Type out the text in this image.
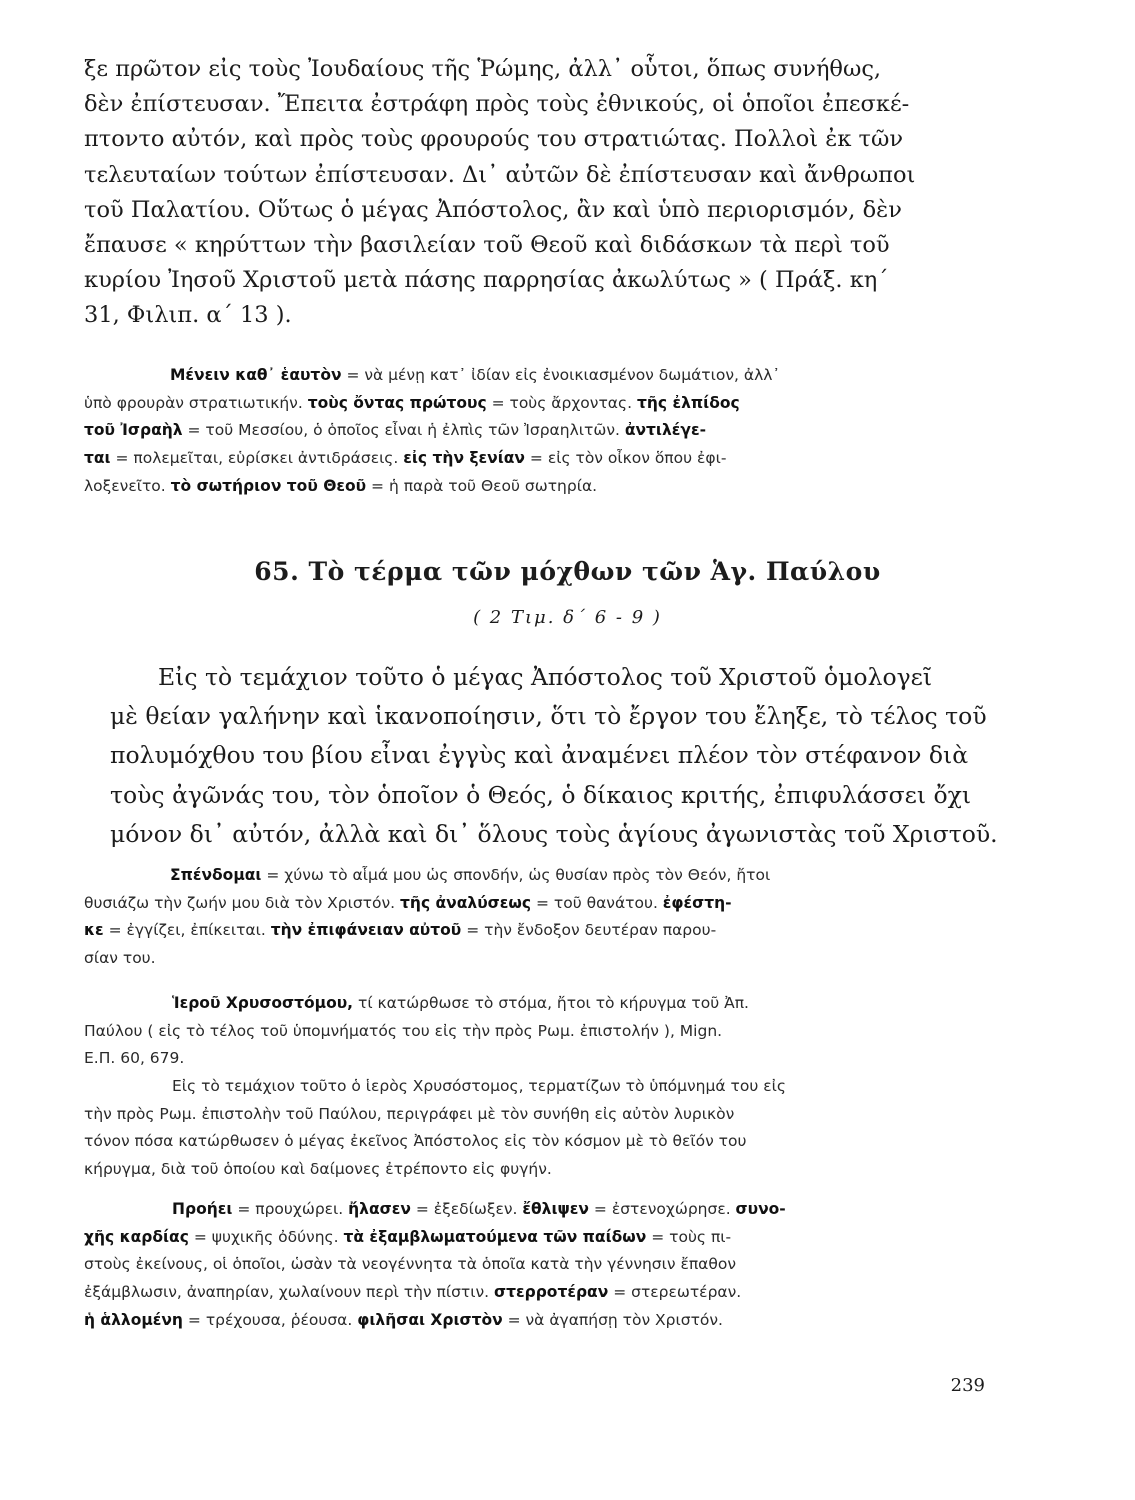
ξε πρῶτον εἰς τοὺς Ἰουδαίους τῆς Ῥώμης, ἀλλ᾽ οὗτοι, ὅπως συνήθως,
δὲν ἐπίστευσαν. Ἔπειτα ἐστράφη πρὸς τοὺς ἐθνικούς, οἱ ὁποῖοι ἐπεσκέ-
πτοντο αὐτόν, καὶ πρὸς τοὺς φρουρούς του στρατιώτας. Πολλοὶ ἐκ τῶν
τελευταίων τούτων ἐπίστευσαν. Δι᾽ αὐτῶν δὲ ἐπίστευσαν καὶ ἄνθρωποι
τοῦ Παλατίου. Οὕτως ὁ μέγας Ἀπόστολος, ἂν καὶ ὑπὸ περιορισμόν, δὲν
ἔπαυσε « κηρύττων τὴν βασιλείαν τοῦ Θεοῦ καὶ διδάσκων τὰ περὶ τοῦ
κυρίου Ἰησοῦ Χριστοῦ μετὰ πάσης παρρησίας ἀκωλύτως » ( Πράξ. κη΄
31, Φιλιπ. α΄ 13 ).
Μένειν καθ᾽ ἑαυτὸν = νὰ μένῃ κατ᾽ ἰδίαν εἰς ἐνοικιασμένον δωμάτιον, ἀλλ᾽
ὑπὸ φρουρὰν στρατιωτικήν. τοὺς ὄντας πρώτους = τοὺς ἄρχοντας. τῆς ἐλπίδος
τοῦ Ἰσραὴλ = τοῦ Μεσσίου, ὁ ὁποῖος εἶναι ἡ ἐλπὶς τῶν Ἰσραηλιτῶν. ἀντιλέγε-
ται = πολεμεῖται, εὑρίσκει ἀντιδράσεις. εἰς τὴν ξενίαν = εἰς τὸν οἶκον ὅπου ἐφι-
λοξενεῖτο. τὸ σωτήριον τοῦ Θεοῦ = ἡ παρὰ τοῦ Θεοῦ σωτηρία.
65. Τὸ τέρμα τῶν μόχθων τῶν Ἁγ. Παύλου
( 2 Τιμ. δ΄ 6 - 9 )
Εἰς τὸ τεμάχιον τοῦτο ὁ μέγας Ἀπόστολος τοῦ Χριστοῦ ὁμολογεῖ
μὲ θείαν γαλήνην καὶ ἱκανοποίησιν, ὅτι τὸ ἔργον του ἔληξε, τὸ τέλος τοῦ
πολυμόχθου του βίου εἶναι ἐγγὺς καὶ ἀναμένει πλέον τὸν στέφανον διὰ
τοὺς ἀγῶνάς του, τὸν ὁποῖον ὁ Θεός, ὁ δίκαιος κριτής, ἐπιφυλάσσει ὄχι
μόνον δι᾽ αὐτόν, ἀλλὰ καὶ δι᾽ ὅλους τοὺς ἁγίους ἀγωνιστὰς τοῦ Χριστοῦ.
Σπένδομαι = χύνω τὸ αἷμά μου ὡς σπονδήν, ὡς θυσίαν πρὸς τὸν Θεόν, ἤτοι
θυσιάζω τὴν ζωήν μου διὰ τὸν Χριστόν. τῆς ἀναλύσεως = τοῦ θανάτου. ἐφέστη-
κε = ἐγγίζει, ἐπίκειται. τὴν ἐπιφάνειαν αὐτοῦ = τὴν ἔνδοξον δευτέραν παρου-
σίαν του.
Ἱεροῦ Χρυσοστόμου, τί κατώρθωσε τὸ στόμα, ἤτοι τὸ κήρυγμα τοῦ Ἀπ.
Παύλου ( εἰς τὸ τέλος τοῦ ὑπομνήματός του εἰς τὴν πρὸς Ρωμ. ἐπιστολήν ), Mign.
Ε.Π. 60, 679.
Εἰς τὸ τεμάχιον τοῦτο ὁ ἱερὸς Χρυσόστομος, τερματίζων τὸ ὑπόμνημά του εἰς
τὴν πρὸς Ρωμ. ἐπιστολὴν τοῦ Παύλου, περιγράφει μὲ τὸν συνήθη εἰς αὐτὸν λυρικὸν
τόνον πόσα κατώρθωσεν ὁ μέγας ἐκεῖνος Ἀπόστολος εἰς τὸν κόσμον μὲ τὸ θεῖόν του
κήρυγμα, διὰ τοῦ ὁποίου καὶ δαίμονες ἐτρέποντο εἰς φυγήν.
Προήει = προυχώρει. ἤλασεν = ἐξεδίωξεν. ἔθλιψεν = ἐστενοχώρησε. συνο-
χῆς καρδίας = ψυχικῆς ὀδύνης. τὰ ἐξαμβλωματούμενα τῶν παίδων = τοὺς πι-
στοὺς ἐκείνους, οἱ ὁποῖοι, ὡσὰν τὰ νεογέννητα τὰ ὁποῖα κατὰ τὴν γέννησιν ἔπαθον
ἐξάμβλωσιν, ἀναπηρίαν, χωλαίνουν περὶ τὴν πίστιν. στερροτέραν = στερεωτέραν.
ἡ ἁλλομένη = τρέχουσα, ῥέουσα. φιλῆσαι Χριστὸν = νὰ ἀγαπήσῃ τὸν Χριστόν.
239
